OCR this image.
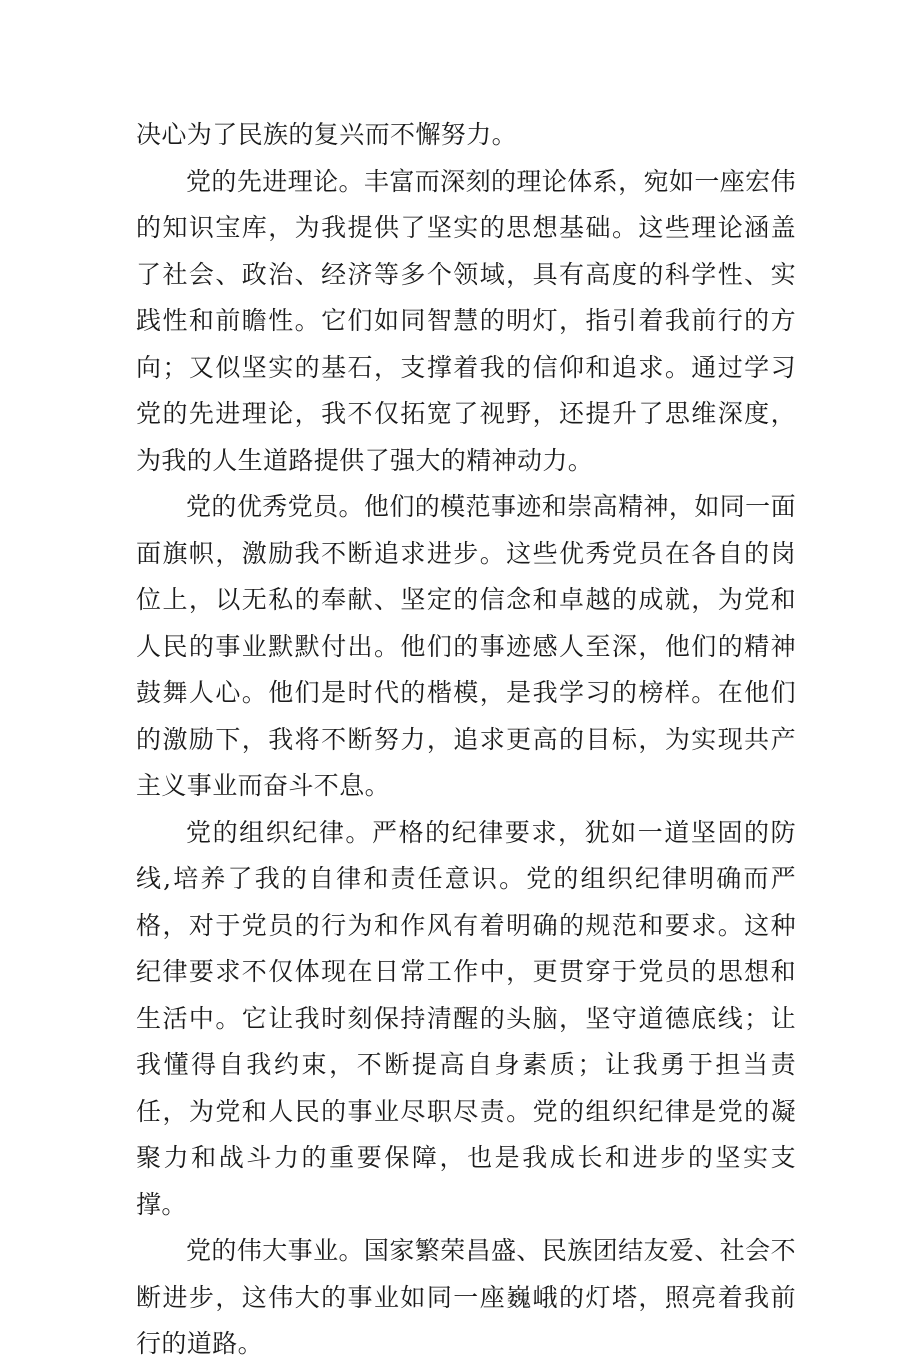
决心为了民族的复兴而不懈努力。

党的先进理论。丰富而深刻的理论体系，宛如一座宏伟的知识宝库，为我提供了坚实的思想基础。这些理论涵盖了社会、政治、经济等多个领域，具有高度的科学性、实践性和前瞻性。它们如同智慧的明灯，指引着我前行的方向；又似坚实的基石，支撑着我的信仰和追求。通过学习党的先进理论，我不仅拓宽了视野，还提升了思维深度，为我的人生道路提供了强大的精神动力。

党的优秀党员。他们的模范事迹和崇高精神，如同一面面旗帜，激励我不断追求进步。这些优秀党员在各自的岗位上，以无私的奉献、坚定的信念和卓越的成就，为党和人民的事业默默付出。他们的事迹感人至深，他们的精神鼓舞人心。他们是时代的楷模，是我学习的榜样。在他们的激励下，我将不断努力，追求更高的目标，为实现共产主义事业而奋斗不息。

党的组织纪律。严格的纪律要求，犹如一道坚固的防线,培养了我的自律和责任意识。党的组织纪律明确而严格，对于党员的行为和作风有着明确的规范和要求。这种纪律要求不仅体现在日常工作中，更贯穿于党员的思想和生活中。它让我时刻保持清醒的头脑，坚守道德底线；让我懂得自我约束，不断提高自身素质；让我勇于担当责任，为党和人民的事业尽职尽责。党的组织纪律是党的凝聚力和战斗力的重要保障，也是我成长和进步的坚实支撑。

党的伟大事业。国家繁荣昌盛、民族团结友爱、社会不断进步，这伟大的事业如同一座巍峨的灯塔，照亮着我前行的道路。
